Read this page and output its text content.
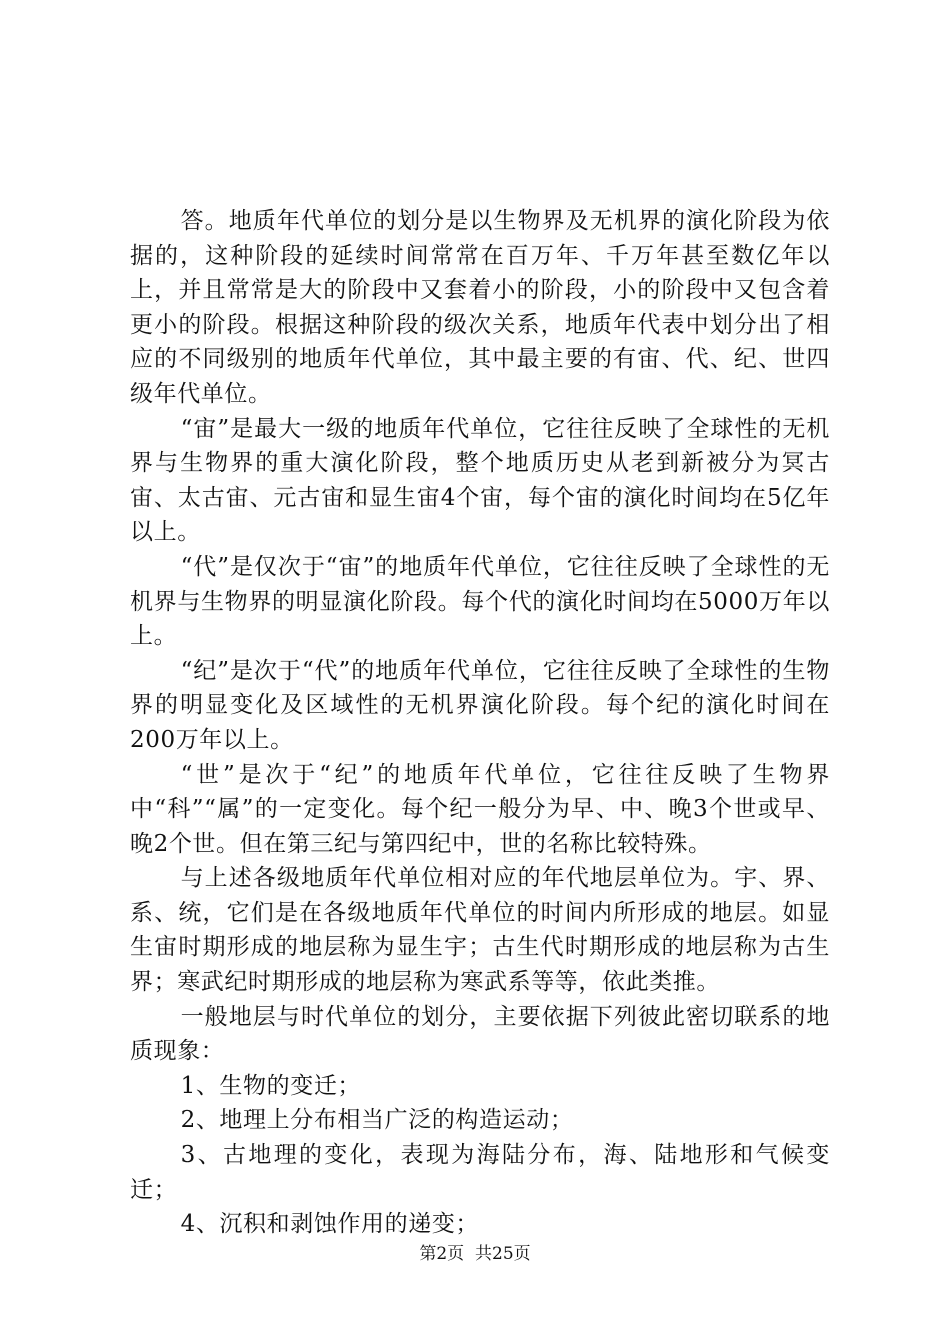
答。地质年代单位的划分是以生物界及无机界的演化阶段为依据的，这种阶段的延续时间常常在百万年、千万年甚至数亿年以上，并且常常是大的阶段中又套着小的阶段，小的阶段中又包含着更小的阶段。根据这种阶段的级次关系，地质年代表中划分出了相应的不同级别的地质年代单位，其中最主要的有宙、代、纪、世四级年代单位。

“宙”是最大一级的地质年代单位，它往往反映了全球性的无机界与生物界的重大演化阶段，整个地质历史从老到新被分为冥古宙、太古宙、元古宙和显生宙4个宙，每个宙的演化时间均在5亿年以上。

“代”是仅次于“宙”的地质年代单位，它往往反映了全球性的无机界与生物界的明显演化阶段。每个代的演化时间均在5000万年以上。

“纪”是次于“代”的地质年代单位，它往往反映了全球性的生物界的明显变化及区域性的无机界演化阶段。每个纪的演化时间在200万年以上。

“世”是次于“纪”的地质年代单位，它往往反映了生物界中“科”“属”的一定变化。每个纪一般分为早、中、晚3个世或早、晚2个世。但在第三纪与第四纪中，世的名称比较特殊。

与上述各级地质年代单位相对应的年代地层单位为。宇、界、系、统，它们是在各级地质年代单位的时间内所形成的地层。如显生宙时期形成的地层称为显生宇；古生代时期形成的地层称为古生界；寒武纪时期形成的地层称为寒武系等等，依此类推。

一般地层与时代单位的划分，主要依据下列彼此密切联系的地质现象：

1、生物的变迁；

2、地理上分布相当广泛的构造运动；

3、古地理的变化，表现为海陆分布，海、陆地形和气候变迁；

4、沉积和剥蚀作用的递变；

第2页 共25页
